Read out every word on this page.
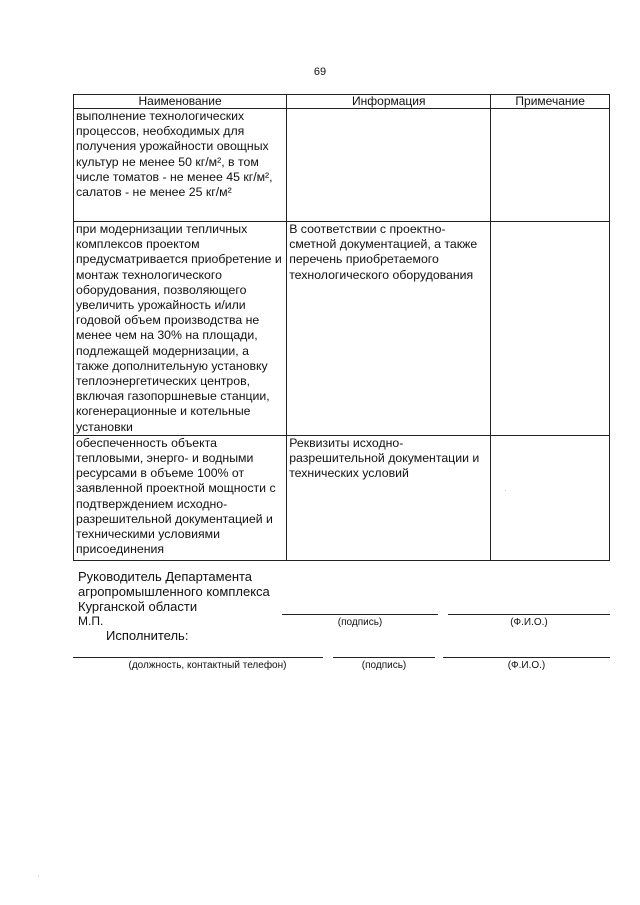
69
Наименование	Информация	Примечание
выполнение технологических процессов, необходимых для получения урожайности овощных культур не менее 50 кг/м², в том числе томатов - не менее 45 кг/м², салатов - не менее 25 кг/м²		
при модернизации тепличных комплексов проектом предусматривается приобретение и монтаж технологического оборудования, позволяющего увеличить урожайность и/или годовой объем производства не менее чем на 30% на площади, подлежащей модернизации, а также дополнительную установку теплоэнергетических центров, включая газопоршневые станции, когенерационные и котельные установки	В соответствии с проектно-сметной документацией, а также перечень приобретаемого технологического оборудования	
обеспеченность объекта тепловыми, энерго- и водными ресурсами в объеме 100% от заявленной проектной мощности с подтверждением исходно-разрешительной документацией и техническими условиями присоединения	Реквизиты исходно-разрешительной документации и технических условий	
Руководитель Департамента
агропромышленного комплекса
Курганской области
М.П.	(подпись)	(Ф.И.О.)
Исполнитель:
(должность, контактный телефон)	(подпись)	(Ф.И.О.)
